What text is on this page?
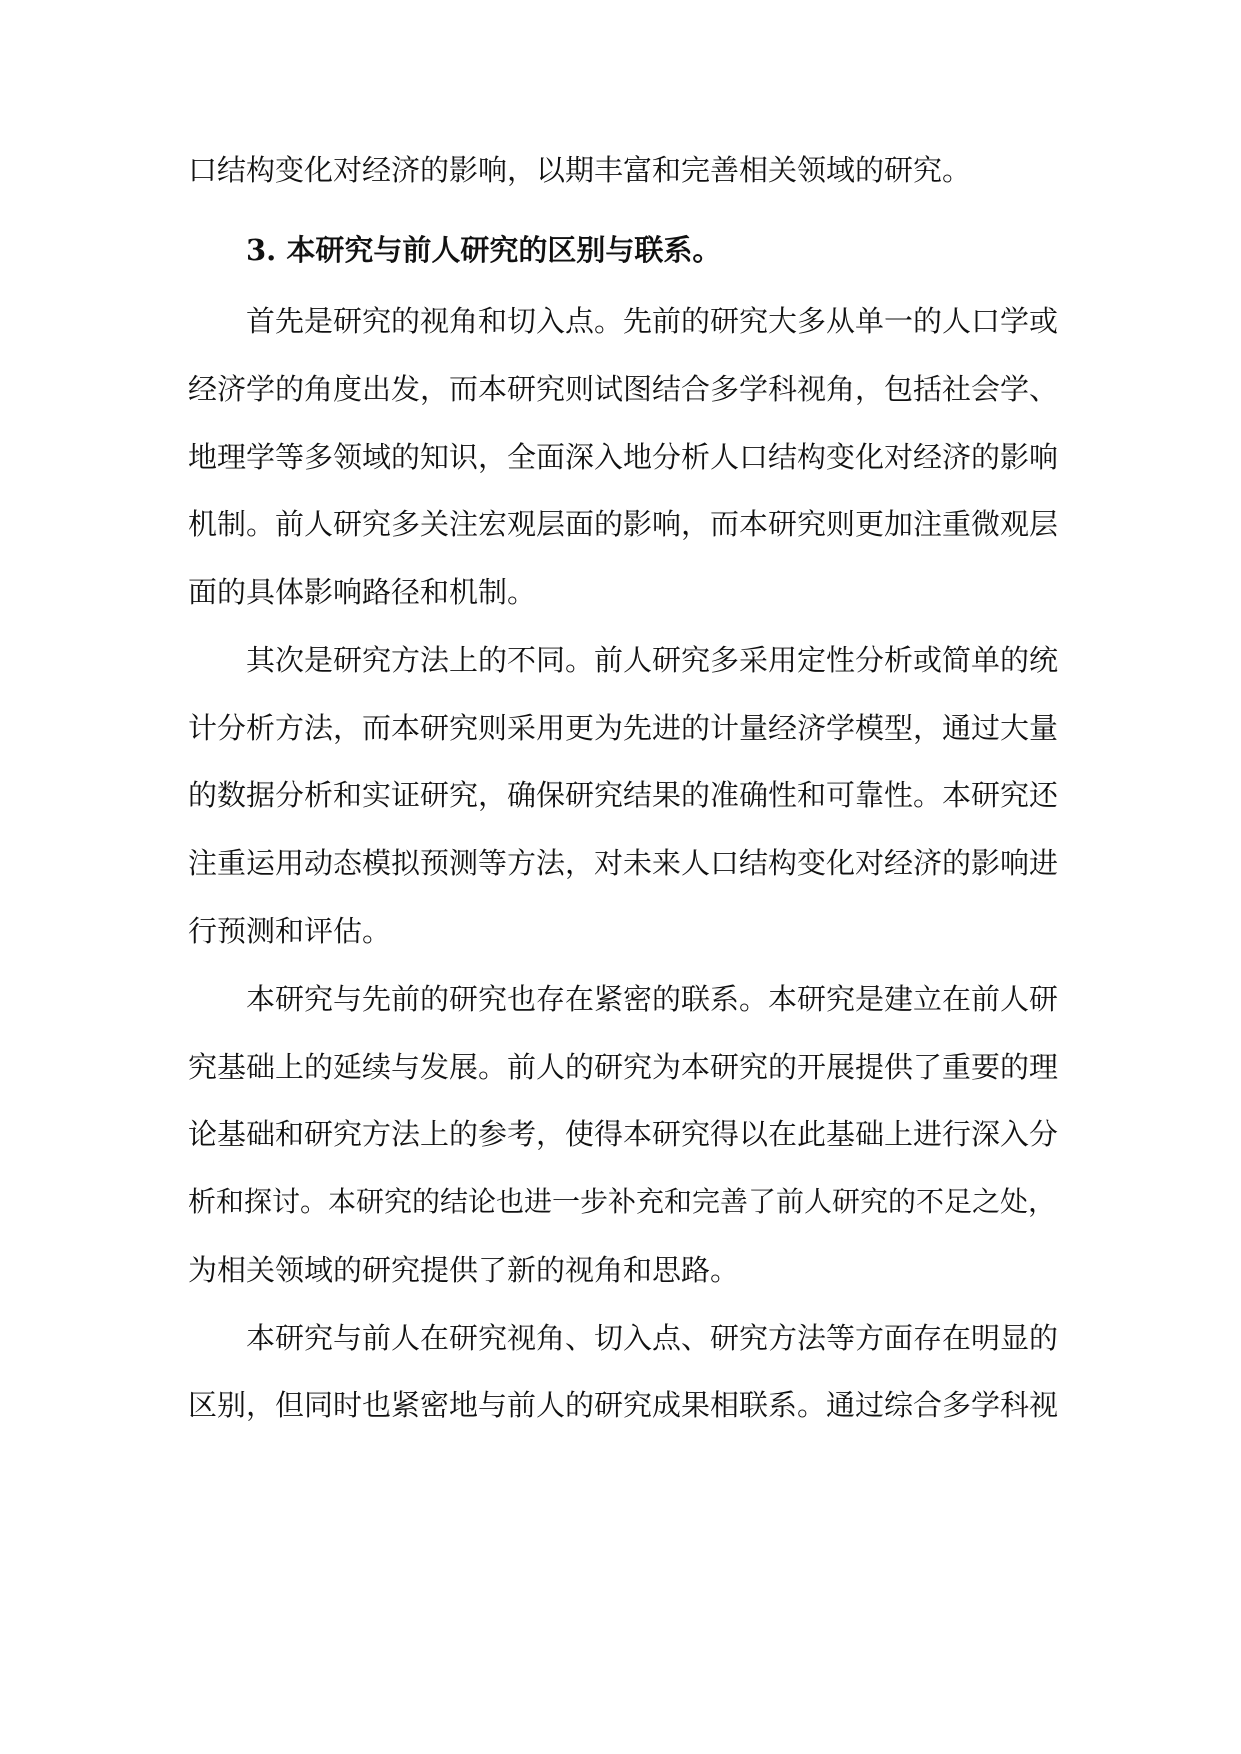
口结构变化对经济的影响，以期丰富和完善相关领域的研究。
3. 本研究与前人研究的区别与联系。
首先是研究的视角和切入点。先前的研究大多从单一的人口学或
经济学的角度出发，而本研究则试图结合多学科视角，包括社会学、
地理学等多领域的知识，全面深入地分析人口结构变化对经济的影响
机制。前人研究多关注宏观层面的影响，而本研究则更加注重微观层
面的具体影响路径和机制。
其次是研究方法上的不同。前人研究多采用定性分析或简单的统
计分析方法，而本研究则采用更为先进的计量经济学模型，通过大量
的数据分析和实证研究，确保研究结果的准确性和可靠性。本研究还
注重运用动态模拟预测等方法，对未来人口结构变化对经济的影响进
行预测和评估。
本研究与先前的研究也存在紧密的联系。本研究是建立在前人研
究基础上的延续与发展。前人的研究为本研究的开展提供了重要的理
论基础和研究方法上的参考，使得本研究得以在此基础上进行深入分
析和探讨。本研究的结论也进一步补充和完善了前人研究的不足之处，
为相关领域的研究提供了新的视角和思路。
本研究与前人在研究视角、切入点、研究方法等方面存在明显的
区别，但同时也紧密地与前人的研究成果相联系。通过综合多学科视
